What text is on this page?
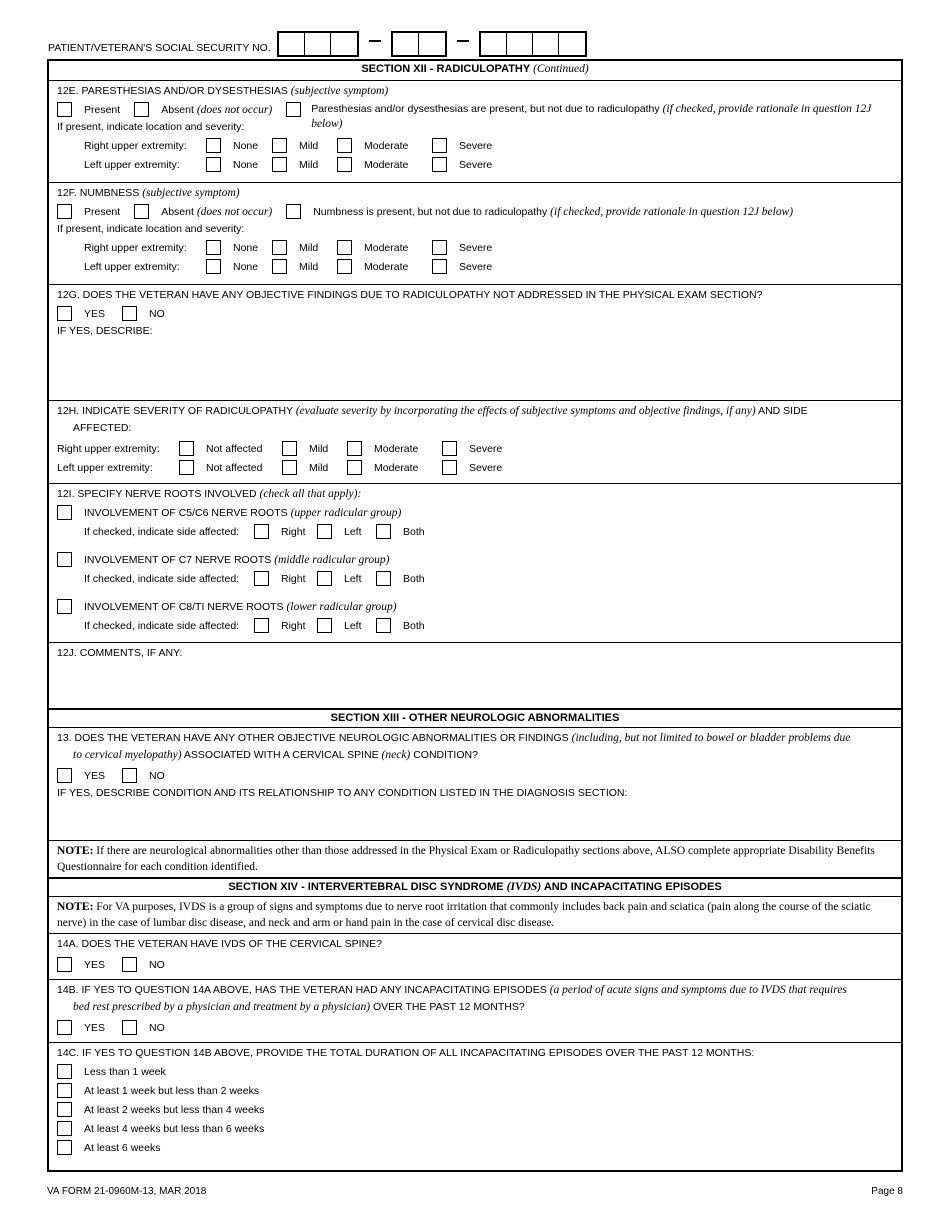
PATIENT/VETERAN'S SOCIAL SECURITY NO.
SECTION XII - RADICULOPATHY (Continued)
12E. PARESTHESIAS AND/OR DYSESTHESIAS (subjective symptom)
Present	Absent
(does not occur)
If present, indicate location and severity:
Paresthesias and/or dysesthesias are present, but not due to radiculopathy (if checked, provide rationale in question 12J below)
Right upper extremity:	None	Mild	Moderate	Severe
Left upper extremity:	None	Mild	Moderate	Severe
12F. NUMBNESS (subjective symptom)
Present	Absent
(does not occur)	Numbness is present, but not due to radiculopathy
(if checked, provide rationale in question 12J below)
If present, indicate location and severity:
Right upper extremity:	None	Mild	Moderate	Severe
Left upper extremity:	None	Mild	Moderate	Severe
12G. DOES THE VETERAN HAVE ANY OBJECTIVE FINDINGS DUE TO RADICULOPATHY NOT ADDRESSED IN THE PHYSICAL EXAM SECTION?
YES	NO
IF YES, DESCRIBE:
12H. INDICATE SEVERITY OF RADICULOPATHY (evaluate severity by incorporating the effects of subjective symptoms and objective findings, if any) AND SIDE
AFFECTED:
Right upper extremity:	Not affected	Mild	Moderate	Severe
Left upper extremity:	Not affected	Mild	Moderate	Severe
12I. SPECIFY NERVE ROOTS INVOLVED (check all that apply):
INVOLVEMENT OF C5/C6 NERVE ROOTS
(upper radicular group)
If checked, indicate side affected:	Right	Left	Both
INVOLVEMENT OF C7 NERVE ROOTS
(middle radicular group)
If checked, indicate side affected:	Right	Left	Both
INVOLVEMENT OF C8/TI NERVE ROOTS
(lower radicular group)
If checked, indicate side affected:	Right	Left	Both
12J. COMMENTS, IF ANY:
SECTION XIII - OTHER NEUROLOGIC ABNORMALITIES
13. DOES THE VETERAN HAVE ANY OTHER OBJECTIVE NEUROLOGIC ABNORMALITIES OR FINDINGS (including, but not limited to bowel or bladder problems due
to cervical myelopathy) ASSOCIATED WITH A CERVICAL SPINE (neck) CONDITION?
YES	NO
IF YES, DESCRIBE CONDITION AND ITS RELATIONSHIP TO ANY CONDITION LISTED IN THE DIAGNOSIS SECTION:
NOTE: If there are neurological abnormalities other than those addressed in the Physical Exam or Radiculopathy sections above, ALSO complete appropriate Disability Benefits Questionnaire for each condition identified.
SECTION XIV - INTERVERTEBRAL DISC SYNDROME (IVDS) AND INCAPACITATING EPISODES
NOTE: For VA purposes, IVDS is a group of signs and symptoms due to nerve root irritation that commonly includes back pain and sciatica (pain along the course of the sciatic nerve) in the case of lumbar disc disease, and neck and arm or hand pain in the case of cervical disc disease.
14A. DOES THE VETERAN HAVE IVDS OF THE CERVICAL SPINE?
YES	NO
14B. IF YES TO QUESTION 14A ABOVE, HAS THE VETERAN HAD ANY INCAPACITATING EPISODES (a period of acute signs and symptoms due to IVDS that requires
bed rest prescribed by a physician and treatment by a physician) OVER THE PAST 12 MONTHS?
YES	NO
14C. IF YES TO QUESTION 14B ABOVE, PROVIDE THE TOTAL DURATION OF ALL INCAPACITATING EPISODES OVER THE PAST 12 MONTHS:
Less than 1 week
At least 1 week but less than 2 weeks
At least 2 weeks but less than 4 weeks
At least 4 weeks but less than 6 weeks
At least 6 weeks
VA FORM 21-0960M-13, MAR 2018	Page 8
